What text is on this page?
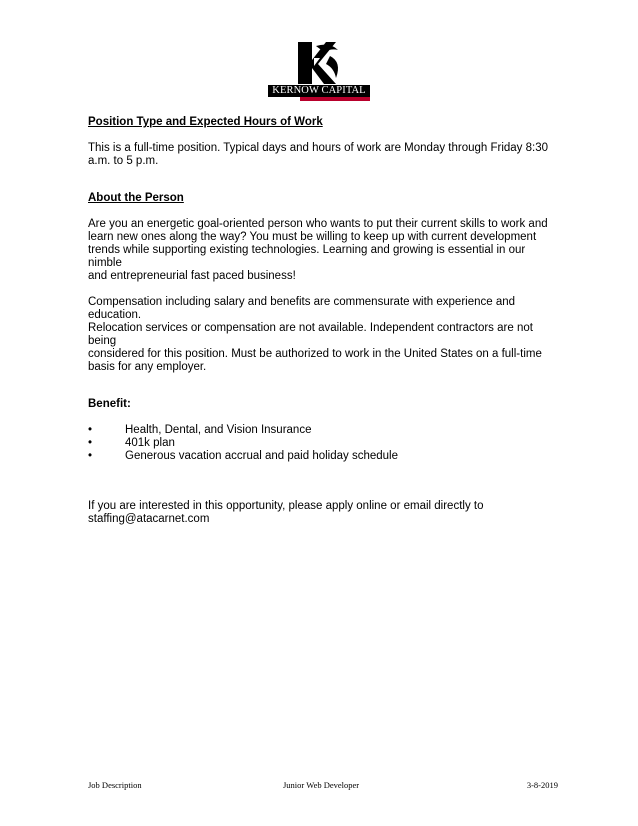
KERNOW CAPITAL

Position Type and Expected Hours of Work

This is a full-time position. Typical days and hours of work are Monday through Friday 8:30

a.m. to 5 p.m.

About the Person

Are you an energetic goal-oriented person who wants to put their current skills to work and

learn new ones along the way? You must be willing to keep up with current development

trends while supporting existing technologies. Learning and growing is essential in our nimble

and entrepreneurial fast paced business!

Compensation including salary and benefits are commensurate with experience and education.

Relocation services or compensation are not available. Independent contractors are not being

considered for this position. Must be authorized to work in the United States on a full-time

basis for any employer.

Benefit:

•	Health, Dental, and Vision Insurance
•	401k plan
•	Generous vacation accrual and paid holiday schedule

If you are interested in this opportunity, please apply online or email directly to

staffing@atacarnet.com

Job Description	Junior Web Developer	3-8-2019
